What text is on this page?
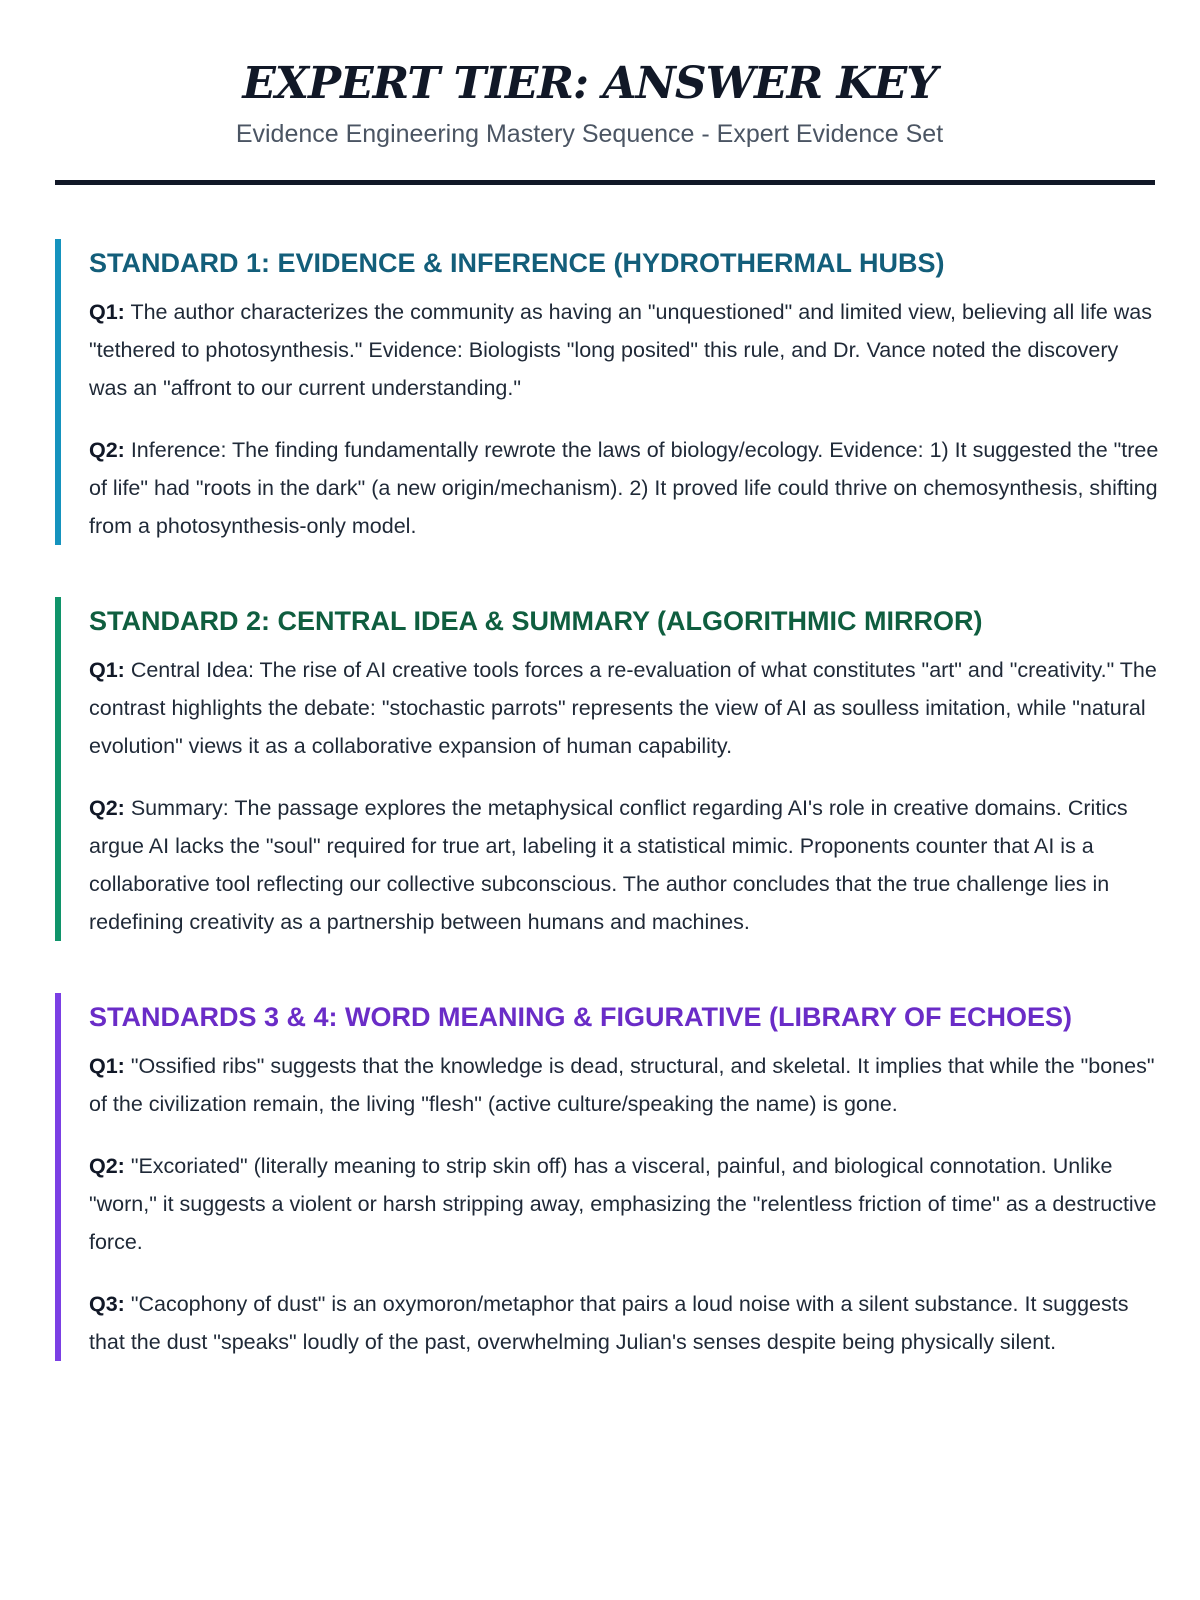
EXPERT TIER: ANSWER KEY

Evidence Engineering Mastery Sequence - Expert Evidence Set

STANDARD 1: EVIDENCE & INFERENCE (HYDROTHERMAL HUBS)

Q1: The author characterizes the community as having an "unquestioned" and limited view, believing all life was "tethered to photosynthesis." Evidence: Biologists "long posited" this rule, and Dr. Vance noted the discovery was an "affront to our current understanding."

Q2: Inference: The finding fundamentally rewrote the laws of biology/ecology. Evidence: 1) It suggested the "tree of life" had "roots in the dark" (a new origin/mechanism). 2) It proved life could thrive on chemosynthesis, shifting from a photosynthesis-only model.

STANDARD 2: CENTRAL IDEA & SUMMARY (ALGORITHMIC MIRROR)

Q1: Central Idea: The rise of AI creative tools forces a re-evaluation of what constitutes "art" and "creativity." The contrast highlights the debate: "stochastic parrots" represents the view of AI as soulless imitation, while "natural evolution" views it as a collaborative expansion of human capability.

Q2: Summary: The passage explores the metaphysical conflict regarding AI's role in creative domains. Critics argue AI lacks the "soul" required for true art, labeling it a statistical mimic. Proponents counter that AI is a collaborative tool reflecting our collective subconscious. The author concludes that the true challenge lies in redefining creativity as a partnership between humans and machines.

STANDARDS 3 & 4: WORD MEANING & FIGURATIVE (LIBRARY OF ECHOES)

Q1: "Ossified ribs" suggests that the knowledge is dead, structural, and skeletal. It implies that while the "bones" of the civilization remain, the living "flesh" (active culture/speaking the name) is gone.

Q2: "Excoriated" (literally meaning to strip skin off) has a visceral, painful, and biological connotation. Unlike "worn," it suggests a violent or harsh stripping away, emphasizing the "relentless friction of time" as a destructive force.

Q3: "Cacophony of dust" is an oxymoron/metaphor that pairs a loud noise with a silent substance. It suggests that the dust "speaks" loudly of the past, overwhelming Julian's senses despite being physically silent.
